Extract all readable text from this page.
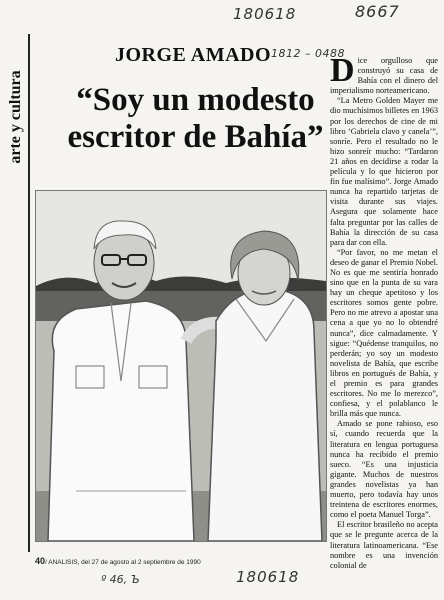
180618	8667
1812 – 0488
arte y cultura
JORGE AMADO
“Soy un modesto
escritor de Bahía”

Dice orgulloso que construyó su casa de Bahía con el dinero del imperialismo norteamericano.

“La Metro Golden Mayer me dio muchísimos billetes en 1963 por los derechos de cine de mi libro ‘Gabriela clavo y canela’”, sonríe. Pero el resultado no le hizo sonreír mucho: “Tardaron 21 años en decidirse a rodar la película y lo que hicieron por fin fue malísimo”. Jorge Amado nunca ha repartido tarjetas de visita durante sus viajes. Asegura que solamente hace falta preguntar por las calles de Bahía la dirección de su casa para dar con ella.

“Por favor, no me metan el deseo de ganar el Premio Nobel. No es que me sentiría honrado sino que en la punta de su vara hay un cheque apetitoso y los escritores somos gente pobre. Pero no me atrevo a apostar una cena a que yo no lo obtendré nunca”, dice calmadamente. Y sigue: “Quédense tranquilos, no perderán; yo soy un modesto novelista de Bahía, que escribe libros en portugués de Bahía, y el premio es para grandes escritores. No me lo merezco”, confiesa, y el polablanco le brilla más que nunca.

Amado se pone rabioso, eso sí, cuando recuerda que la literatura en lengua portuguesa nunca ha recibido el premio sueco. “Es una injusticia gigante. Muchos de nuestros grandes novelistas ya han muerto, pero todavía hay unos treintena de escritores enormes, como el poeta Manuel Torga”.

El escritor brasileño no acepta que se le pregunte acerca de la literatura latinoamericana. “Ese nombre es una invención colonial de

40/ ANALISIS, del 27 de agosto al 2 septiembre de 1990
º 46, Ъ	180618
